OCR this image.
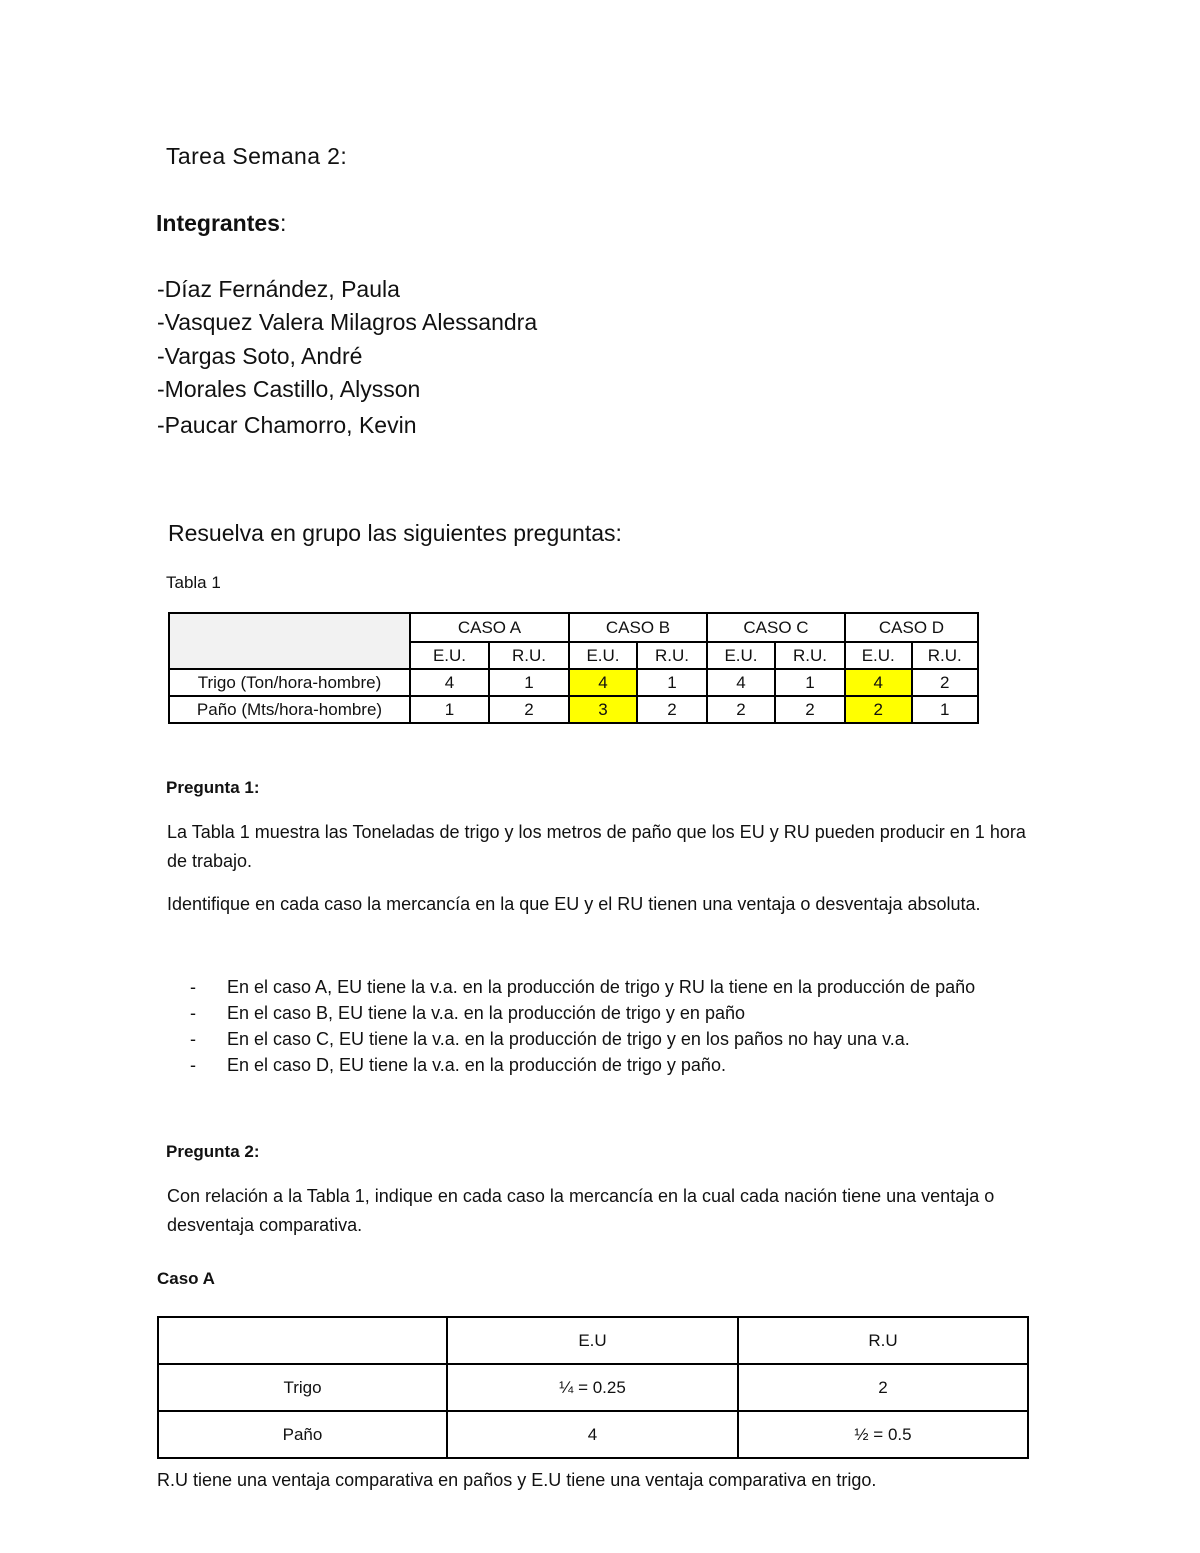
Tarea Semana 2:
Integrantes:
-Díaz Fernández, Paula
-Vasquez Valera Milagros Alessandra
-Vargas Soto, André
-Morales Castillo, Alysson
-Paucar Chamorro, Kevin
Resuelva en grupo las siguientes preguntas:
Tabla 1
	CASO A		CASO B		CASO C		CASO D	
	E.U.	R.U.	E.U.	R.U.	E.U.	R.U.	E.U.	R.U.
Trigo (Ton/hora-hombre)	4	1	4	1	4	1	4	2
Paño (Mts/hora-hombre)	1	2	3	2	2	2	2	1
Pregunta 1:
La Tabla 1 muestra las Toneladas de trigo y los metros de paño que los EU y RU pueden producir en 1 hora de trabajo.
Identifique en cada caso la mercancía en la que EU y el RU tienen una ventaja o desventaja absoluta.
-	En el caso A, EU tiene la v.a. en la producción de trigo y RU la tiene en la producción de paño
-	En el caso B, EU tiene la v.a. en la producción de trigo y en paño
-	En el caso C, EU tiene la v.a. en la producción de trigo y en los paños no hay una v.a.
-	En el caso D, EU tiene la v.a. en la producción de trigo y paño.
Pregunta 2:
Con relación a la Tabla 1, indique en cada caso la mercancía en la cual cada nación tiene una ventaja o desventaja comparativa.
Caso A
	E.U	R.U
Trigo	¼ = 0.25	2
Paño	4	½ = 0.5
R.U tiene una ventaja comparativa en paños y E.U tiene una ventaja comparativa en trigo.
